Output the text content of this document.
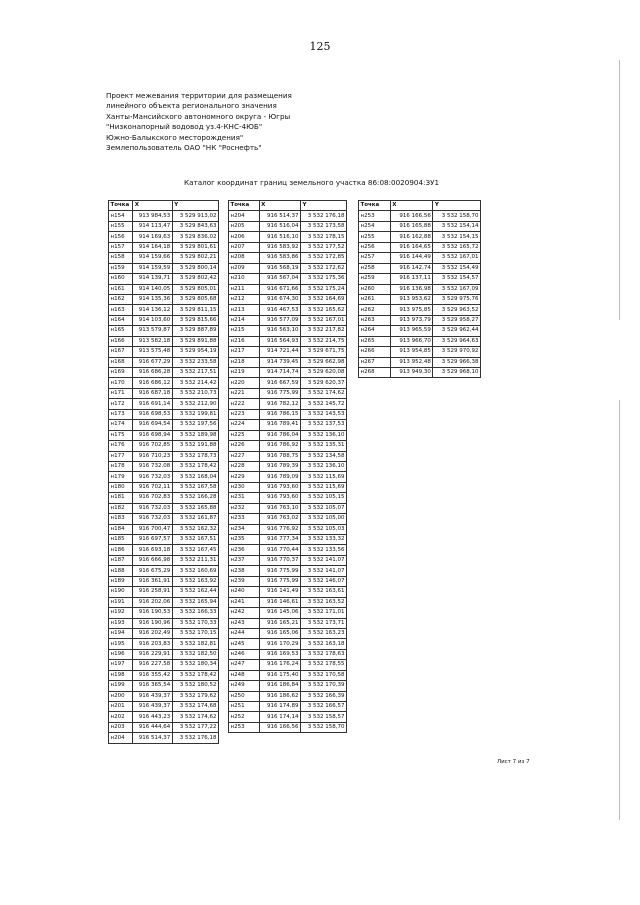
125
Проект межевания территории для размещения
линейного объекта регионального значения
Ханты-Мансийского автономного округа - Югры
"Низконапорный водовод уз.4-КНС-4ЮБ"
Южно-Балыкского месторождения"
Землепользователь ОАО "НК "Роснефть"
Каталог координат границ земельного участка 86:08:0020904:ЗУ1
Точка	X	Y
н154	913 984,53	3 529 913,02
н155	914 113,47	3 529 843,63
н156	914 169,63	3 529 836,02
н157	914 164,18	3 529 801,61
н158	914 159,66	3 529 802,21
н159	914 159,59	3 529 800,14
н160	914 139,71	3 529 802,42
н161	914 140,05	3 529 805,01
н162	914 135,36	3 529 805,68
н163	914 136,12	3 529 811,15
н164	914 103,60	3 529 815,66
н165	913 579,87	3 529 887,89
н166	913 582,18	3 529 891,88
н167	913 575,48	3 529 954,19
н168	916 677,29	3 532 233,58
н169	916 686,28	3 532 217,51
н170	916 686,12	3 532 214,42
н171	916 687,18	3 532 210,73
н172	916 691,14	3 532 212,90
н173	916 698,53	3 532 199,81
н174	916 694,54	3 532 197,56
н175	916 698,94	3 532 189,98
н176	916 702,85	3 532 191,88
н177	916 710,23	3 532 178,73
н178	916 732,08	3 532 178,42
н179	916 732,03	3 532 168,04
н180	916 702,11	3 532 167,58
н181	916 702,83	3 532 166,28
н182	916 732,03	3 532 165,88
н183	916 732,03	3 532 161,87
н184	916 700,47	3 532 162,32
н185	916 697,57	3 532 167,51
н186	916 693,18	3 532 167,45
н187	916 666,98	3 532 211,31
н188	916 675,29	3 532 160,69
н189	916 361,91	3 532 163,92
н190	916 258,91	3 532 162,44
н191	916 202,06	3 532 165,94
н192	916 190,53	3 532 166,33
н193	916 190,96	3 532 170,33
н194	916 202,49	3 532 170,15
н195	916 203,83	3 532 182,81
н196	916 229,91	3 532 182,50
н197	916 227,58	3 532 180,34
н198	916 355,42	3 532 178,42
н199	916 365,54	3 532 180,52
н200	916 439,37	3 532 179,62
н201	916 439,37	3 532 174,68
н202	916 443,23	3 532 174,62
н203	916 444,64	3 532 177,22
н204	916 514,37	3 532 176,18
Точка	X	Y
н204	916 514,37	3 532 176,18
н205	916 516,04	3 532 173,58
н206	916 516,10	3 532 178,15
н207	916 583,92	3 532 177,52
н208	916 583,86	3 532 172,85
н209	916 568,19	3 532 172,62
н210	916 567,04	3 532 175,36
н211	916 671,66	3 532 175,24
н212	916 674,30	3 532 164,69
н213	916 467,53	3 532 165,62
н214	916 577,09	3 532 167,01
н215	916 563,10	3 532 217,82
н216	916 564,93	3 532 214,75
н217	914 721,44	3 529 671,75
н218	914 739,45	3 529 662,98
н219	914 714,74	3 529 620,08
н220	916 667,59	3 529 620,37
н221	916 775,99	3 532 174,62
н222	916 782,12	3 532 145,72
н223	916 786,15	3 532 143,53
н224	916 789,41	3 532 137,53
н225	916 786,04	3 532 136,10
н226	916 786,92	3 532 135,31
н227	916 788,75	3 532 134,58
н228	916 789,39	3 532 136,10
н229	916 789,09	3 532 115,69
н230	916 793,60	3 532 115,69
н231	916 793,60	3 532 105,15
н232	916 763,10	3 532 105,07
н233	916 763,02	3 532 105,00
н234	916 776,92	3 532 105,03
н235	916 777,34	3 532 133,32
н236	916 770,44	3 532 133,56
н237	916 770,37	3 532 141,07
н238	916 775,99	3 532 141,07
н239	916 775,99	3 532 146,07
н240	916 141,49	3 532 163,61
н241	916 146,61	3 532 163,52
н242	916 145,06	3 532 171,01
н243	916 165,21	3 532 173,71
н244	916 165,06	3 532 163,23
н245	916 170,29	3 532 163,18
н246	916 169,53	3 532 178,63
н247	916 176,24	3 532 178,55
н248	916 175,40	3 532 170,58
н249	916 186,84	3 532 170,39
н250	916 186,62	3 532 166,39
н251	916 174,89	3 532 166,57
н252	916 174,14	3 532 158,57
н253	916 166,56	3 532 158,70
Точка	X	Y
н253	916 166,56	3 532 158,70
н254	916 165,88	3 532 154,14
н255	916 162,88	3 532 154,15
н256	916 164,65	3 532 165,72
н257	916 144,49	3 532 167,01
н258	916 142,74	3 532 154,49
н259	916 137,11	3 532 154,57
н260	916 136,98	3 532 167,09
н261	913 953,62	3 529 975,76
н262	913 975,85	3 529 963,52
н263	913 973,79	3 529 958,27
н264	913 965,59	3 529 962,44
н265	913 966,70	3 529 964,63
н266	913 954,85	3 529 970,92
н267	913 952,48	3 529 966,38
н268	913 949,30	3 529 968,10
Лист 7 из 7
